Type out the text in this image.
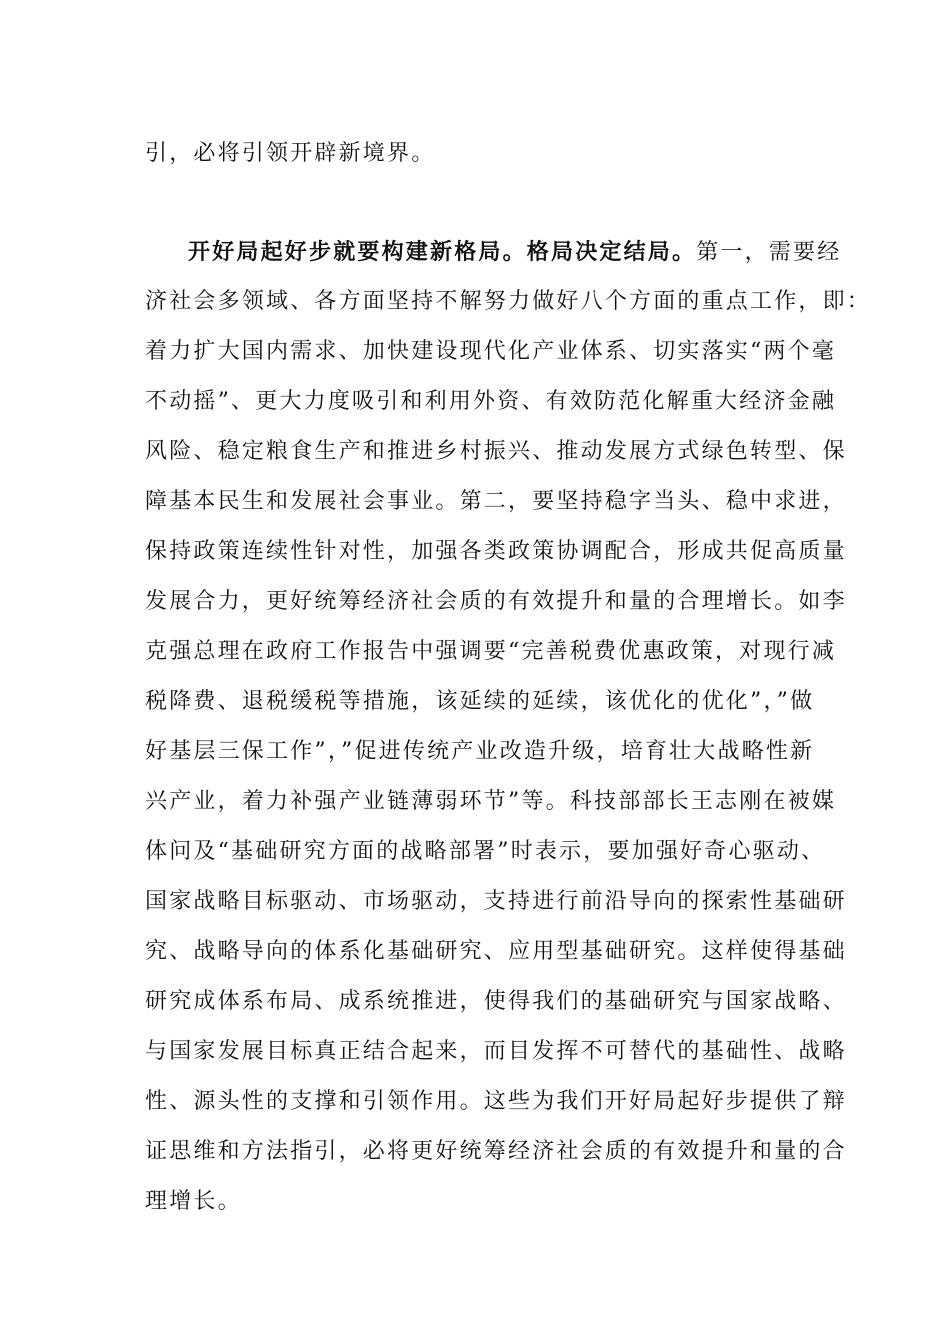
引，必将引领开辟新境界。
开好局起好步就要构建新格局。格局决定结局。第一，需要经
济社会多领域、各方面坚持不解努力做好八个方面的重点工作，即：
着力扩大国内需求、加快建设现代化产业体系、切实落实“两个毫
不动摇”、更大力度吸引和利用外资、有效防范化解重大经济金融
风险、稳定粮食生产和推进乡村振兴、推动发展方式绿色转型、保
障基本民生和发展社会事业。第二，要坚持稳字当头、稳中求进，
保持政策连续性针对性，加强各类政策协调配合，形成共促高质量
发展合力，更好统筹经济社会质的有效提升和量的合理增长。如李
克强总理在政府工作报告中强调要“完善税费优惠政策，对现行减
税降费、退税缓税等措施，该延续的延续，该优化的优化”，”做
好基层三保工作”，”促进传统产业改造升级，培育壮大战略性新
兴产业，着力补强产业链薄弱环节”等。科技部部长王志刚在被媒
体问及“基础研究方面的战略部署”时表示，要加强好奇心驱动、
国家战略目标驱动、市场驱动，支持进行前沿导向的探索性基础研
究、战略导向的体系化基础研究、应用型基础研究。这样使得基础
研究成体系布局、成系统推进，使得我们的基础研究与国家战略、
与国家发展目标真正结合起来，而目发挥不可替代的基础性、战略
性、源头性的支撑和引领作用。这些为我们开好局起好步提供了辩
证思维和方法指引，必将更好统筹经济社会质的有效提升和量的合
理增长。
